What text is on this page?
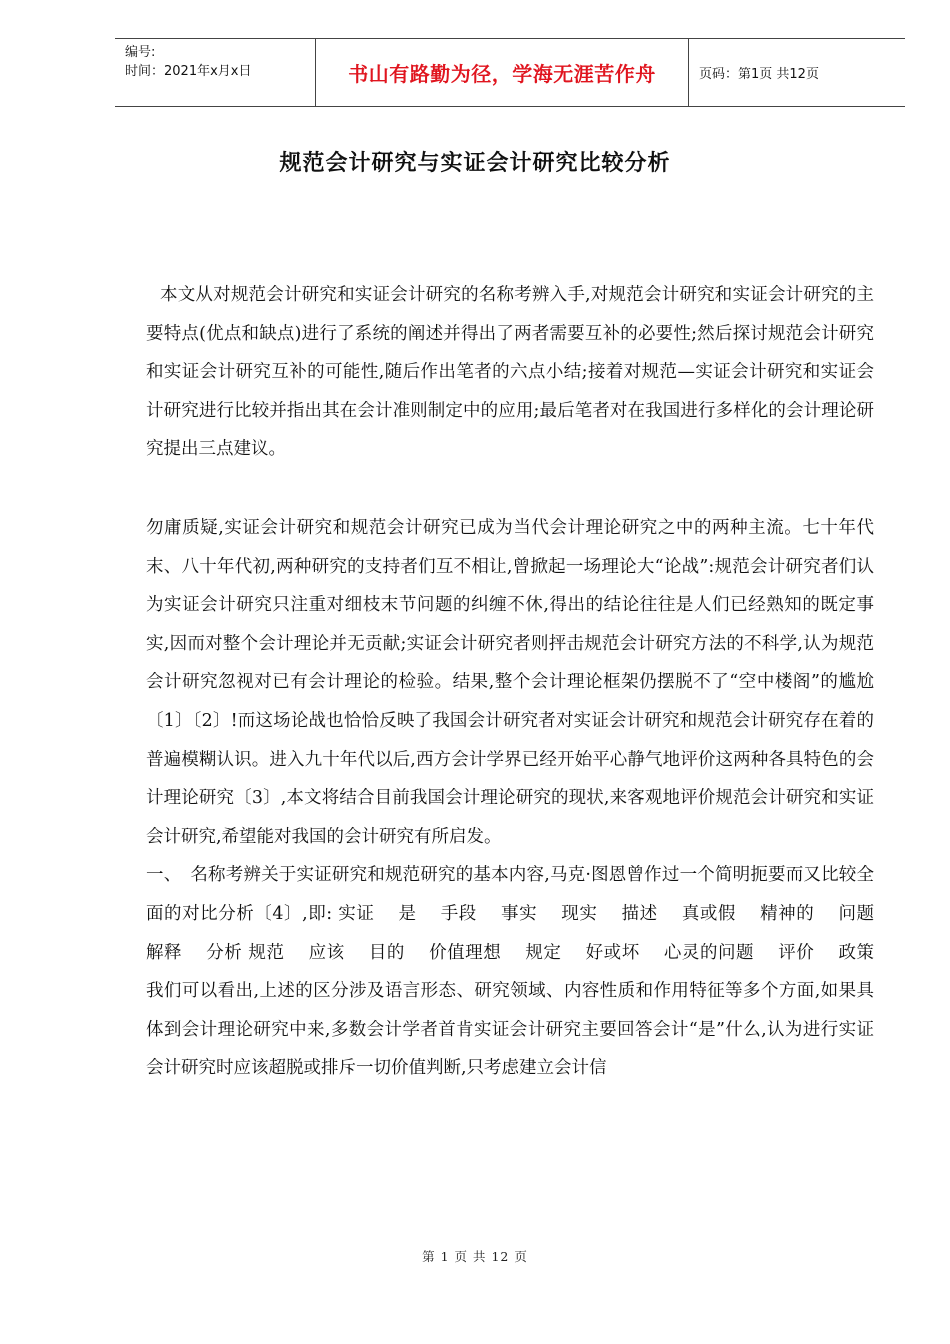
编号:
时间：2021年x月x日	书山有路勤为径，学海无涯苦作舟	页码：第1页 共12页
规范会计研究与实证会计研究比较分析

本文从对规范会计研究和实证会计研究的名称考辨入手,对规范会计研究和实证会计研究的主要特点(优点和缺点)进行了系统的阐述并得出了两者需要互补的必要性;然后探讨规范会计研究和实证会计研究互补的可能性,随后作出笔者的六点小结;接着对规范—实证会计研究和实证会计研究进行比较并指出其在会计准则制定中的应用;最后笔者对在我国进行多样化的会计理论研究提出三点建议。

勿庸质疑,实证会计研究和规范会计研究已成为当代会计理论研究之中的两种主流。七十年代末、八十年代初,两种研究的支持者们互不相让,曾掀起一场理论大“论战”:规范会计研究者们认为实证会计研究只注重对细枝末节问题的纠缠不休,得出的结论往往是人们已经熟知的既定事实,因而对整个会计理论并无贡献;实证会计研究者则抨击规范会计研究方法的不科学,认为规范会计研究忽视对已有会计理论的检验。结果,整个会计理论框架仍摆脱不了“空中楼阁”的尴尬〔1〕〔2〕!而这场论战也恰恰反映了我国会计研究者对实证会计研究和规范会计研究存在着的普遍模糊认识。进入九十年代以后,西方会计学界已经开始平心静气地评价这两种各具特色的会计理论研究〔3〕,本文将结合目前我国会计理论研究的现状,来客观地评价规范会计研究和实证会计研究,希望能对我国的会计研究有所启发。

一、　名称考辨关于实证研究和规范研究的基本内容,马克·图恩曾作过一个简明扼要而又比较全面的对比分析〔4〕,即: 实证　 是　 手段　 事实　 现实　 描述　 真或假　 精神的　 问题　 解释　 分析 规范　 应该　 目的　 价值理想　 规定　 好或坏　 心灵的问题　 评价　 政策　我们可以看出,上述的区分涉及语言形态、研究领域、内容性质和作用特征等多个方面,如果具体到会计理论研究中来,多数会计学者首肯实证会计研究主要回答会计“是”什么,认为进行实证会计研究时应该超脱或排斥一切价值判断,只考虑建立会计信

第 1 页 共 12 页
